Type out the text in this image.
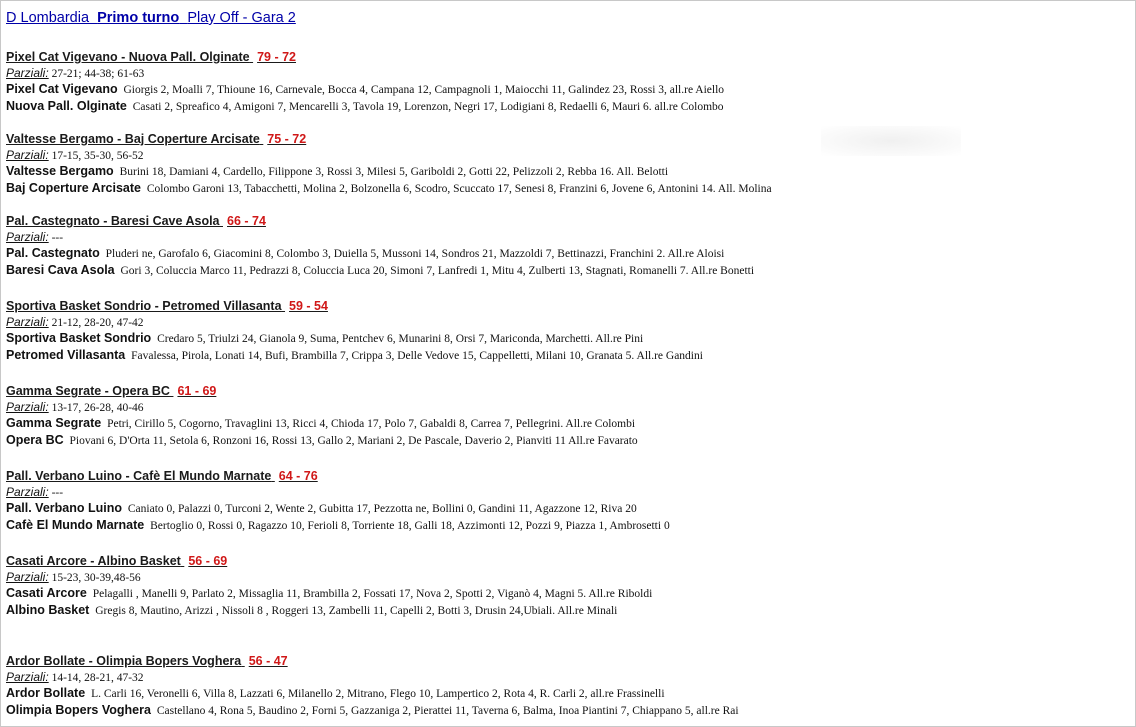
D Lombardia Primo turno Play Off - Gara 2
Pixel Cat Vigevano - Nuova Pall. Olginate 79 - 72
Parziali: 27-21; 44-38; 61-63
Pixel Cat Vigevano Giorgis 2, Moalli 7, Thioune 16, Carnevale, Bocca 4, Campana 12, Campagnoli 1, Maiocchi 11, Galindez 23, Rossi 3, all.re Aiello
Nuova Pall. Olginate Casati 2, Spreafico 4, Amigoni 7, Mencarelli 3, Tavola 19, Lorenzon, Negri 17, Lodigiani 8, Redaelli 6, Mauri 6. all.re Colombo
Valtesse Bergamo - Baj Coperture Arcisate 75 - 72
Parziali: 17-15, 35-30, 56-52
Valtesse Bergamo Burini 18, Damiani 4, Cardello, Filippone 3, Rossi 3, Milesi 5, Gariboldi 2, Gotti 22, Pelizzoli 2, Rebba 16. All. Belotti
Baj Coperture Arcisate Colombo Garoni 13, Tabacchetti, Molina 2, Bolzonella 6, Scodro, Scuccato 17, Senesi 8, Franzini 6, Jovene 6, Antonini 14. All. Molina
Pal. Castegnato - Baresi Cave Asola 66 - 74
Parziali: ---
Pal. Castegnato Pluderi ne, Garofalo 6, Giacomini 8, Colombo 3, Duiella 5, Mussoni 14, Sondros 21, Mazzoldi 7, Bettinazzi, Franchini 2. All.re Aloisi
Baresi Cava Asola Gori 3, Coluccia Marco 11, Pedrazzi 8, Coluccia Luca 20, Simoni 7, Lanfredi 1, Mitu 4, Zulberti 13, Stagnati, Romanelli 7. All.re Bonetti
Sportiva Basket Sondrio - Petromed Villasanta 59 - 54
Parziali: 21-12, 28-20, 47-42
Sportiva Basket Sondrio Credaro 5, Triulzi 24, Gianola 9, Suma, Pentchev 6, Munarini 8, Orsi 7, Mariconda, Marchetti. All.re Pini
Petromed Villasanta Favalessa, Pirola, Lonati 14, Bufi, Brambilla 7, Crippa 3, Delle Vedove 15, Cappelletti, Milani 10, Granata 5. All.re Gandini
Gamma Segrate - Opera BC 61 - 69
Parziali: 13-17, 26-28, 40-46
Gamma Segrate Petri, Cirillo 5, Cogorno, Travaglini 13, Ricci 4, Chioda 17, Polo 7, Gabaldi 8, Carrea 7, Pellegrini. All.re Colombi
Opera BC Piovani 6, D'Orta 11, Setola 6, Ronzoni 16, Rossi 13, Gallo 2, Mariani 2, De Pascale, Daverio 2, Pianviti 11 All.re Favarato
Pall. Verbano Luino - Cafè El Mundo Marnate 64 - 76
Parziali: ---
Pall. Verbano Luino Caniato 0, Palazzi 0, Turconi 2, Wente 2, Gubitta 17, Pezzotta ne, Bollini 0, Gandini 11, Agazzone 12, Riva 20
Cafè El Mundo Marnate Bertoglio 0, Rossi 0, Ragazzo 10, Ferioli 8, Torriente 18, Galli 18, Azzimonti 12, Pozzi 9, Piazza 1, Ambrosetti 0
Casati Arcore - Albino Basket 56 - 69
Parziali: 15-23, 30-39,48-56
Casati Arcore Pelagalli , Manelli 9, Parlato 2, Missaglia 11, Brambilla 2, Fossati 17, Nova 2, Spotti 2, Viganò 4, Magni 5. All.re Riboldi
Albino Basket Gregis 8, Mautino, Arizzi , Nissoli 8 , Roggeri 13, Zambelli 11, Capelli 2, Botti 3, Drusin 24,Ubiali. All.re Minali
Ardor Bollate - Olimpia Bopers Voghera 56 - 47
Parziali: 14-14, 28-21, 47-32
Ardor Bollate L. Carli 16, Veronelli 6, Villa 8, Lazzati 6, Milanello 2, Mitrano, Flego 10, Lampertico 2, Rota 4, R. Carli 2, all.re Frassinelli
Olimpia Bopers Voghera Castellano 4, Rona 5, Baudino 2, Forni 5, Gazzaniga 2, Pierattei 11, Taverna 6, Balma, Inoa Piantini 7, Chiappano 5, all.re Rai
